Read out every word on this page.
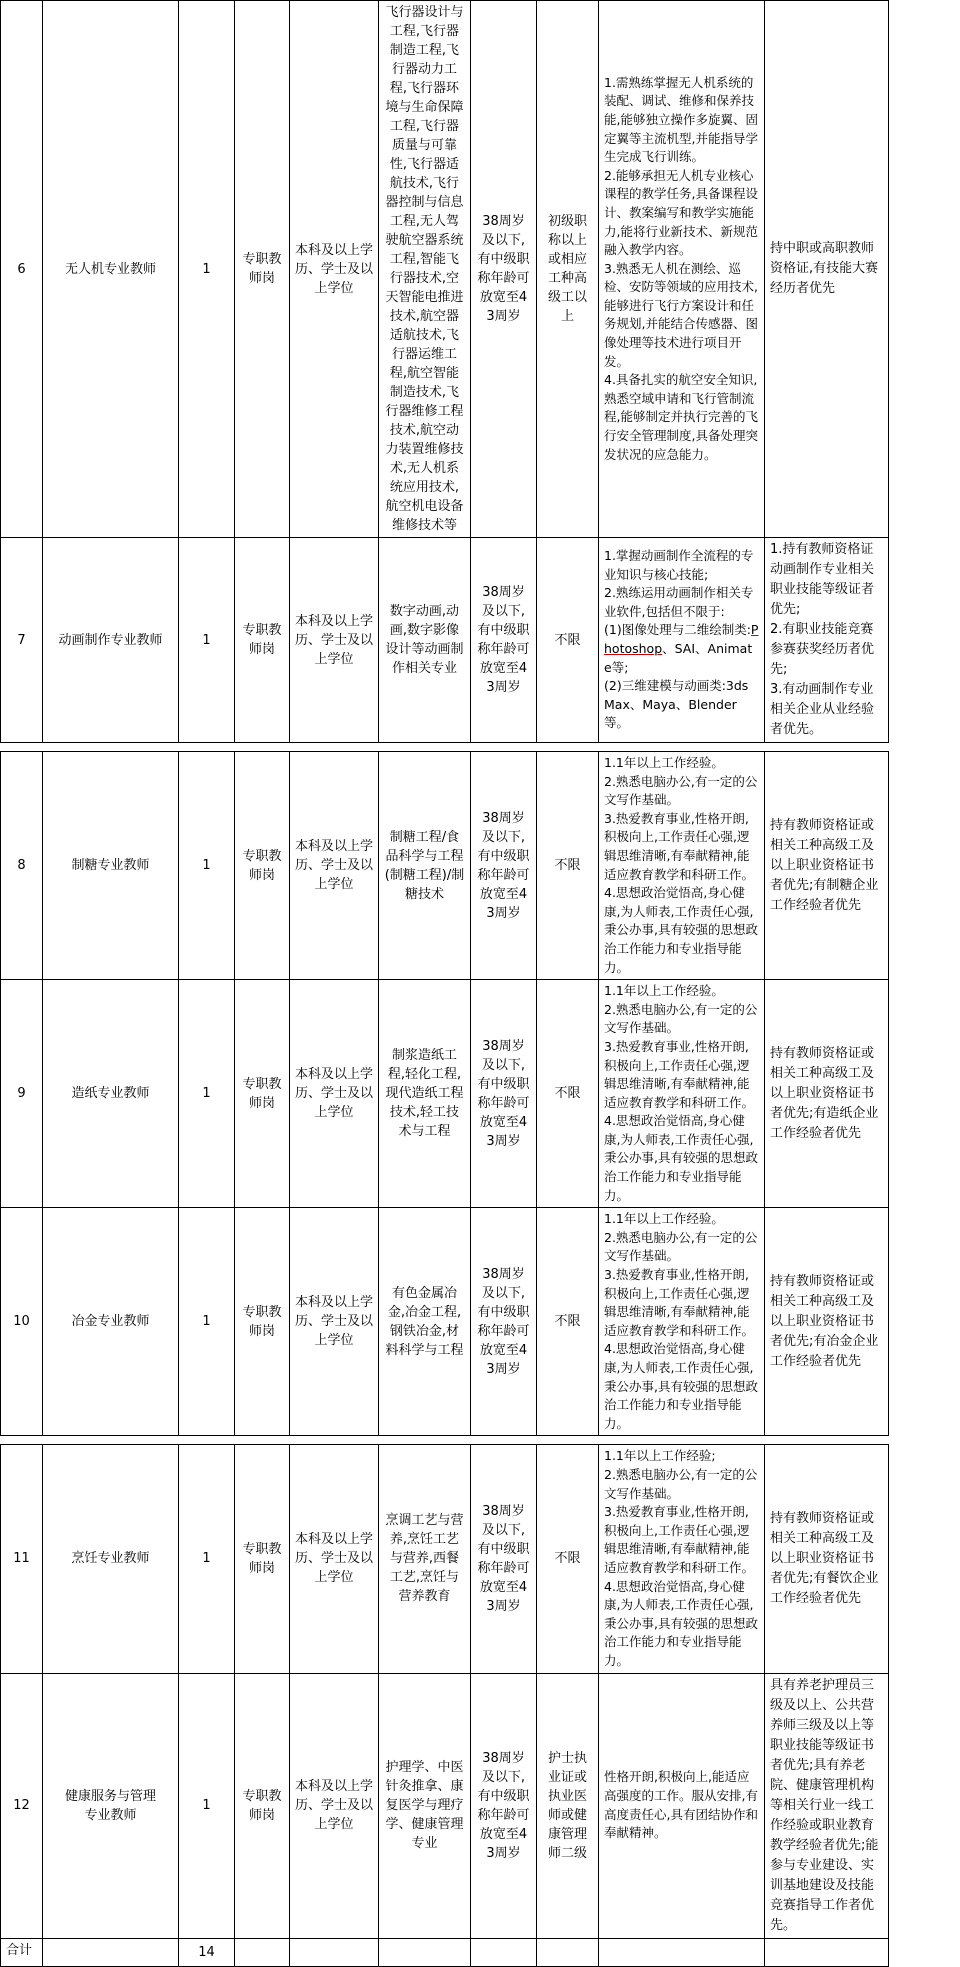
6	无人机专业教师	1	专职教师岗	本科及以上学历、学士及以上学位	飞行器设计与工程,飞行器制造工程,飞行器动力工程,飞行器环境与生命保障工程,飞行器质量与可靠性,飞行器适航技术,飞行器控制与信息工程,无人驾驶航空器系统工程,智能飞行器技术,空天智能电推进技术,航空器适航技术,飞行器运维工程,航空智能制造技术,飞行器维修工程技术,航空动力装置维修技术,无人机系统应用技术,航空机电设备维修技术等	38周岁及以下,有中级职称年龄可放宽至43周岁	初级职称以上或相应工种高级工以上	1.需熟练掌握无人机系统的装配、调试、维修和保养技能,能够独立操作多旋翼、固定翼等主流机型,并能指导学生完成飞行训练。
2.能够承担无人机专业核心课程的教学任务,具备课程设计、教案编写和教学实施能力,能将行业新技术、新规范融入教学内容。
3.熟悉无人机在测绘、巡检、安防等领域的应用技术,能够进行飞行方案设计和任务规划,并能结合传感器、图像处理等技术进行项目开发。
4.具备扎实的航空安全知识,熟悉空域申请和飞行管制流程,能够制定并执行完善的飞行安全管理制度,具备处理突发状况的应急能力。	持中职或高职教师资格证,有技能大赛经历者优先

7	动画制作专业教师	1	专职教师岗	本科及以上学历、学士及以上学位	数字动画,动画,数字影像设计等动画制作相关专业	38周岁及以下,有中级职称年龄可放宽至43周岁	不限	1.掌握动画制作全流程的专业知识与核心技能;
2.熟练运用动画制作相关专业软件,包括但不限于:
(1)图像处理与二维绘制类:Photoshop、SAI、Animate等;
(2)三维建模与动画类:3ds Max、Maya、Blender等。	1.持有教师资格证动画制作专业相关职业技能等级证者优先;
2.有职业技能竞赛参赛获奖经历者优先;
3.有动画制作专业相关企业从业经验者优先。

8	制糖专业教师	1	专职教师岗	本科及以上学历、学士及以上学位	制糖工程/食品科学与工程(制糖工程)/制糖技术	38周岁及以下,有中级职称年龄可放宽至43周岁	不限	1.1年以上工作经验。
2.熟悉电脑办公,有一定的公文写作基础。
3.热爱教育事业,性格开朗,积极向上,工作责任心强,逻辑思维清晰,有奉献精神,能适应教育教学和科研工作。
4.思想政治觉悟高,身心健康,为人师表,工作责任心强,秉公办事,具有较强的思想政治工作能力和专业指导能力。	持有教师资格证或相关工种高级工及以上职业资格证书者优先;有制糖企业工作经验者优先

9	造纸专业教师	1	专职教师岗	本科及以上学历、学士及以上学位	制浆造纸工程,轻化工程,现代造纸工程技术,轻工技术与工程	38周岁及以下,有中级职称年龄可放宽至43周岁	不限	1.1年以上工作经验。
2.熟悉电脑办公,有一定的公文写作基础。
3.热爱教育事业,性格开朗,积极向上,工作责任心强,逻辑思维清晰,有奉献精神,能适应教育教学和科研工作。
4.思想政治觉悟高,身心健康,为人师表,工作责任心强,秉公办事,具有较强的思想政治工作能力和专业指导能力。	持有教师资格证或相关工种高级工及以上职业资格证书者优先;有造纸企业工作经验者优先

10	冶金专业教师	1	专职教师岗	本科及以上学历、学士及以上学位	有色金属冶金,冶金工程,钢铁冶金,材料科学与工程	38周岁及以下,有中级职称年龄可放宽至43周岁	不限	1.1年以上工作经验。
2.熟悉电脑办公,有一定的公文写作基础。
3.热爱教育事业,性格开朗,积极向上,工作责任心强,逻辑思维清晰,有奉献精神,能适应教育教学和科研工作。
4.思想政治觉悟高,身心健康,为人师表,工作责任心强,秉公办事,具有较强的思想政治工作能力和专业指导能力。	持有教师资格证或相关工种高级工及以上职业资格证书者优先;有冶金企业工作经验者优先

11	烹饪专业教师	1	专职教师岗	本科及以上学历、学士及以上学位	烹调工艺与营养,烹饪工艺与营养,西餐工艺,烹饪与营养教育	38周岁及以下,有中级职称年龄可放宽至43周岁	不限	1.1年以上工作经验;
2.熟悉电脑办公,有一定的公文写作基础。
3.热爱教育事业,性格开朗,积极向上,工作责任心强,逻辑思维清晰,有奉献精神,能适应教育教学和科研工作。
4.思想政治觉悟高,身心健康,为人师表,工作责任心强,秉公办事,具有较强的思想政治工作能力和专业指导能力。	持有教师资格证或相关工种高级工及以上职业资格证书者优先;有餐饮企业工作经验者优先

12	健康服务与管理
专业教师	1	专职教师岗	本科及以上学历、学士及以上学位	护理学、中医针灸推拿、康复医学与理疗学、健康管理专业	38周岁及以下,有中级职称年龄可放宽至43周岁	护士执业证或执业医师或健康管理师二级	性格开朗,积极向上,能适应高强度的工作。服从安排,有高度责任心,具有团结协作和奉献精神。	具有养老护理员三级及以上、公共营养师三级及以上等职业技能等级证书者优先;具有养老院、健康管理机构等相关行业一线工作经验或职业教育教学经验者优先;能参与专业建设、实训基地建设及技能竞赛指导工作者优先。

合计		14							
